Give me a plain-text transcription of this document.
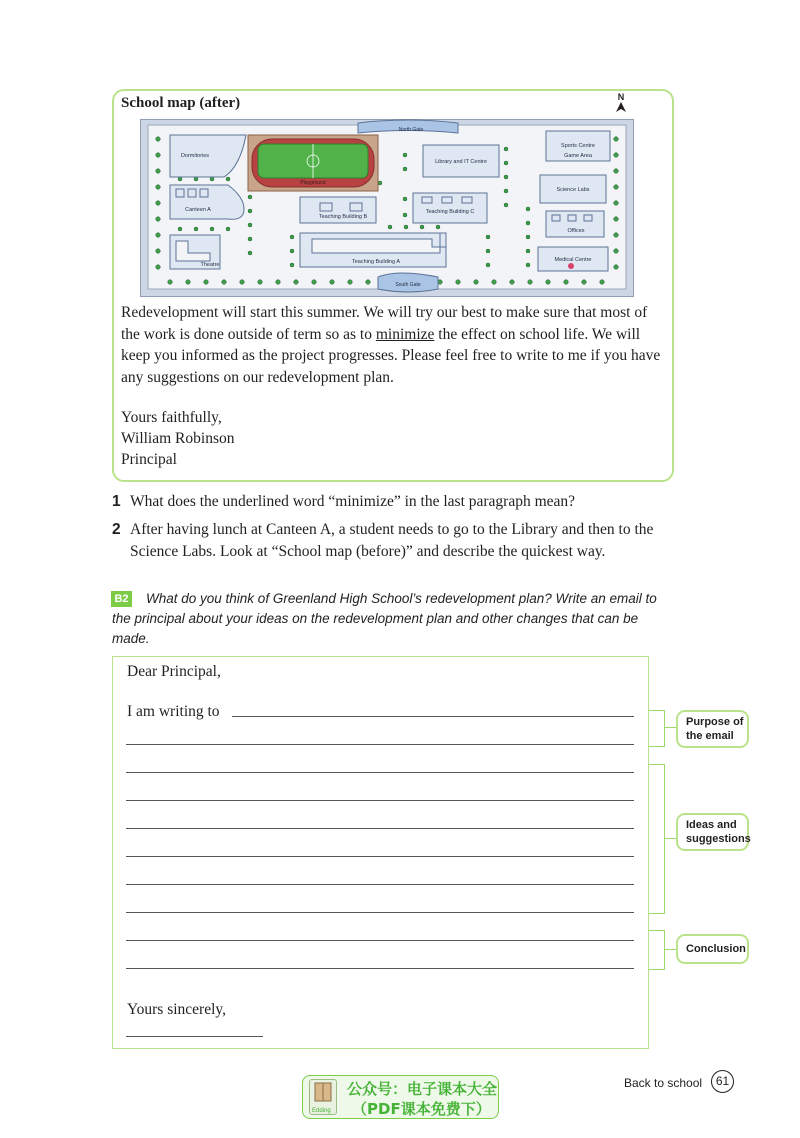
School map (after)	N
North Gate
South Gate
Dormitories
Playground
Library and IT Centre
Sports Centre
Game Area
Science Labs
Canteen A
Teaching Building B
Teaching Building C
Offices
Theatre	Teaching Building A	Medical Centre

Redevelopment will start this summer. We will try our best to make sure that most of the work is done outside of term so as to minimize the effect on school life. We will keep you informed as the project progresses. Please feel free to write to me if you have any suggestions on our redevelopment plan.

Yours faithfully,
William Robinson
Principal
1 What does the underlined word “minimize” in the last paragraph mean?
2 After having lunch at Canteen A, a student needs to go to the Library and then to the Science Labs. Look at “School map (before)” and describe the quickest way.
What do you think of Greenland High School’s redevelopment plan? Write an email to the principal about your ideas on the redevelopment plan and other changes that can be made.
B2
Dear Principal,
I am writing to
Yours sincerely,
Purpose of the email
Ideas and suggestions
Conclusion
Edding
公众号：电子课本大全
（PDF课本免费下）
Back to school	61
